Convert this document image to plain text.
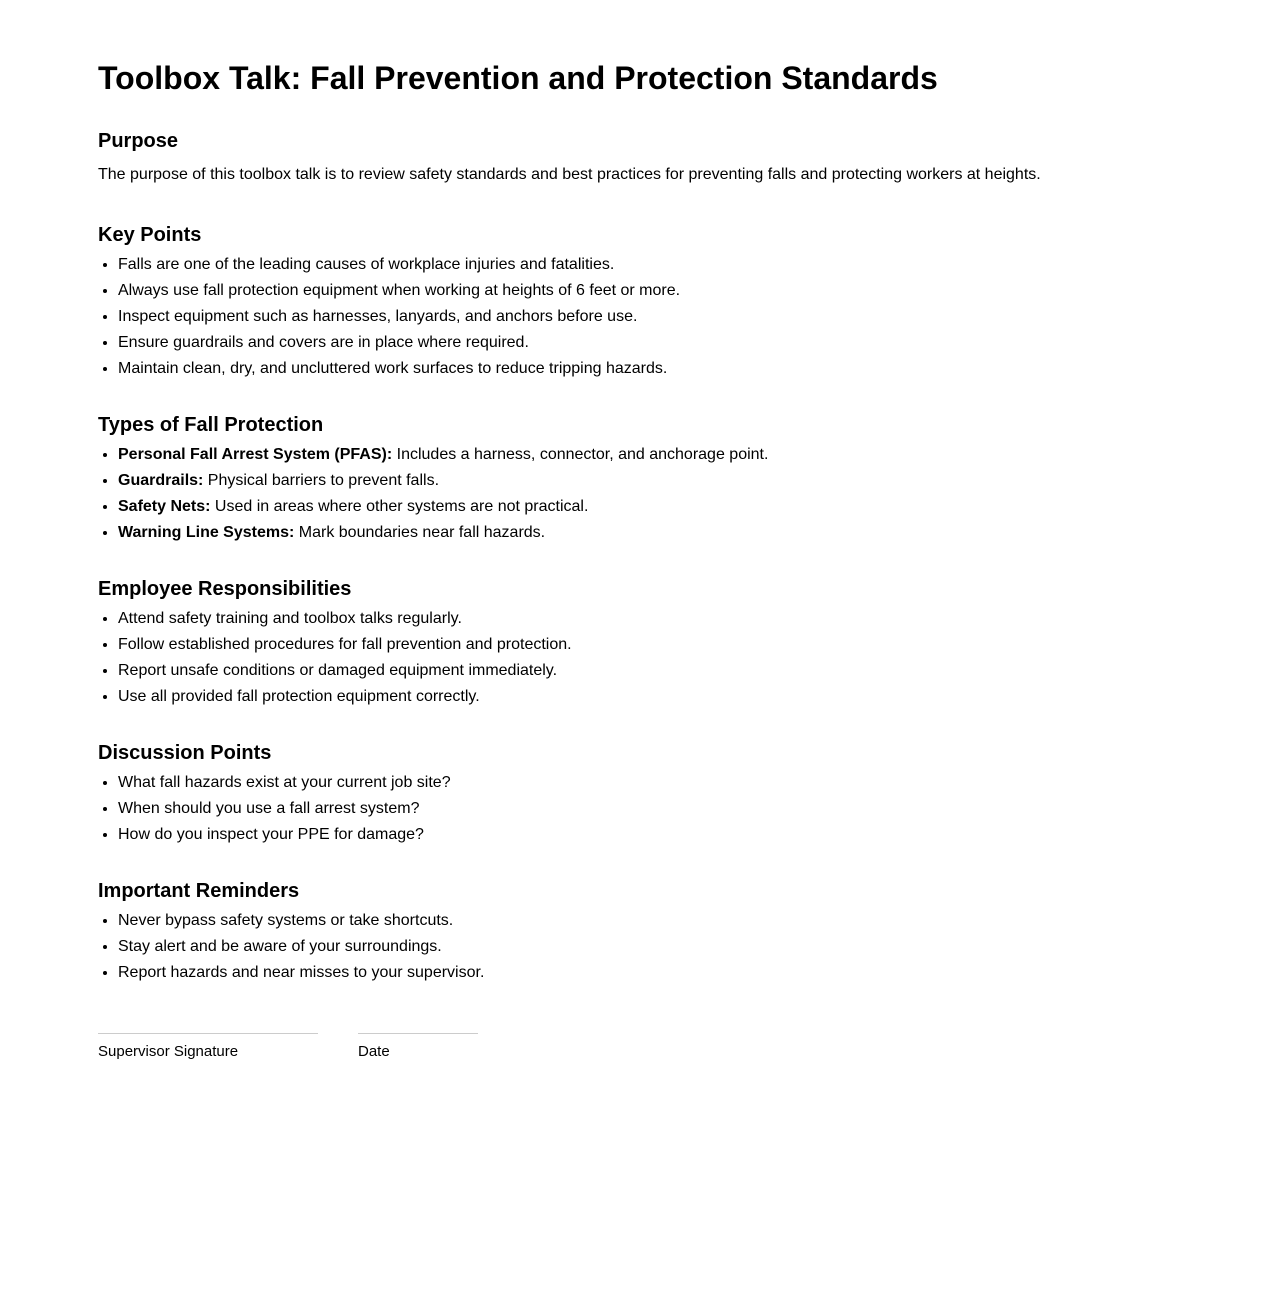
Toolbox Talk: Fall Prevention and Protection Standards
Purpose

The purpose of this toolbox talk is to review safety standards and best practices for preventing falls and protecting workers at heights.

Key Points
• Falls are one of the leading causes of workplace injuries and fatalities.
• Always use fall protection equipment when working at heights of 6 feet or more.
• Inspect equipment such as harnesses, lanyards, and anchors before use.
• Ensure guardrails and covers are in place where required.
• Maintain clean, dry, and uncluttered work surfaces to reduce tripping hazards.
Types of Fall Protection
• Personal Fall Arrest System (PFAS): Includes a harness, connector, and anchorage point.
• Guardrails: Physical barriers to prevent falls.
• Safety Nets: Used in areas where other systems are not practical.
• Warning Line Systems: Mark boundaries near fall hazards.
Employee Responsibilities
• Attend safety training and toolbox talks regularly.
• Follow established procedures for fall prevention and protection.
• Report unsafe conditions or damaged equipment immediately.
• Use all provided fall protection equipment correctly.
Discussion Points
• What fall hazards exist at your current job site?
• When should you use a fall arrest system?
• How do you inspect your PPE for damage?
Important Reminders
• Never bypass safety systems or take shortcuts.
• Stay alert and be aware of your surroundings.
• Report hazards and near misses to your supervisor.
Supervisor Signature	Date
